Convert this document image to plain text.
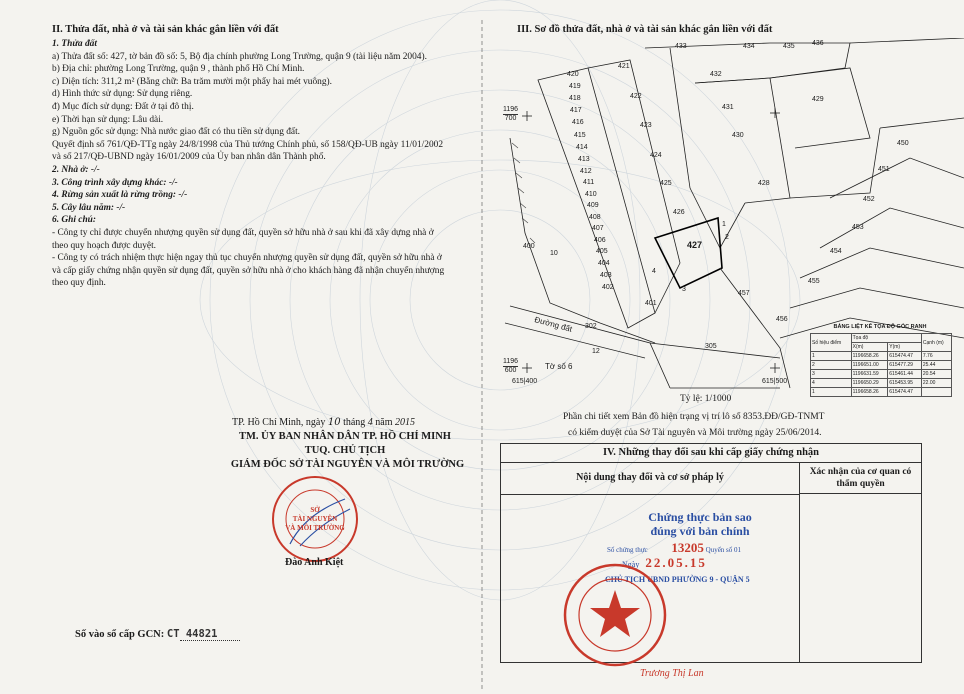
II. Thửa đất, nhà ở và tài sản khác gắn liền với đất
1. Thửa đất
a) Thửa đất số: 427, tờ bản đồ số: 5, Bộ địa chính phường Long Trường, quận 9 (tài liệu năm 2004).
b) Địa chỉ: phường Long Trường, quận 9 , thành phố Hồ Chí Minh.
c) Diện tích: 311,2 m² (Bằng chữ: Ba trăm mười một phẩy hai mét vuông).
d) Hình thức sử dụng: Sử dụng riêng.
đ) Mục đích sử dụng: Đất ở tại đô thị.
e) Thời hạn sử dụng: Lâu dài.
g) Nguồn gốc sử dụng: Nhà nước giao đất có thu tiền sử dụng đất.
Quyết định số 761/QĐ-TTg ngày 24/8/1998 của Thủ tướng Chính phủ, số 158/QĐ-UB ngày 11/01/2002
và số 217/QĐ-UBND ngày 16/01/2009 của Ủy ban nhân dân Thành phố.
2. Nhà ở: -/-
3. Công trình xây dựng khác: -/-
4. Rừng sản xuất là rừng trồng: -/-
5. Cây lâu năm: -/-
6. Ghi chú:
- Công ty chỉ được chuyển nhượng quyền sử dụng đất, quyền sở hữu nhà ở sau khi đã xây dựng nhà ở
theo quy hoạch được duyệt.
- Công ty có trách nhiệm thực hiện ngay thủ tục chuyển nhượng quyền sử dụng đất, quyền sở hữu nhà ở
và cấp giấy chứng nhận quyền sử dụng đất, quyền sở hữu nhà ở cho khách hàng đã nhận chuyển nhượng
theo quy định.
TP. Hồ Chí Minh, ngày 10 tháng 4 năm 2015
TM. ỦY BAN NHÂN DÂN TP. HỒ CHÍ MINH
TUQ. CHỦ TỊCH
GIÁM ĐỐC SỞ TÀI NGUYÊN VÀ MÔI TRƯỜNG
SỞ
TÀI NGUYÊN
VÀ MÔI TRƯỜNG
Đào Anh Kiệt
Số vào sổ cấp GCN: CT 44821
III. Sơ đồ thửa đất, nhà ở và tài sản khác gắn liền với đất
433	434	435 436
421
432
429
420
419
418
417
416
415
414
413
412
411
410
409
408
407
406
405
404
403
402
401
422
423
424
425
426
427
428
430
431
450
451
452
453
454
455
456
457
400
10
302
12
305
1
2
3
4
1196
700
1196
600
615|400	615|500
Tờ số 6
Đường đất	BẢNG LIỆT KÊ TỌA ĐỘ GÓC RANH
Số hiệu điểm	Tọa độ		Cạnh (m)
	X(m)	Y(m)	
1	1196658.26	615474.47	7.76
2	1196651.00	615477.29	25.44
3	1196631.59	615461.44	20.54
4	1196650.29	615453.95	22.00
1	1196658.26	615474.47	
Tỷ lệ: 1/1000
Phần chi tiết xem Bản đồ hiện trạng vị trí lô số 8353.ĐĐ/GĐ-TNMT
có kiểm duyệt của Sở Tài nguyên và Môi trường ngày 25/06/2014.
IV. Những thay đổi sau khi cấp giấy chứng nhận
Nội dung thay đổi và cơ sở pháp lý	Xác nhận của cơ quan có thẩm quyền
Chứng thực bản sao
đúng với bản chính
Số chứng thực 13205 Quyển số 01
Ngày 22.05.15
CHỦ TỊCH UBND PHƯỜNG 9 - QUẬN 5
Trương Thị Lan
